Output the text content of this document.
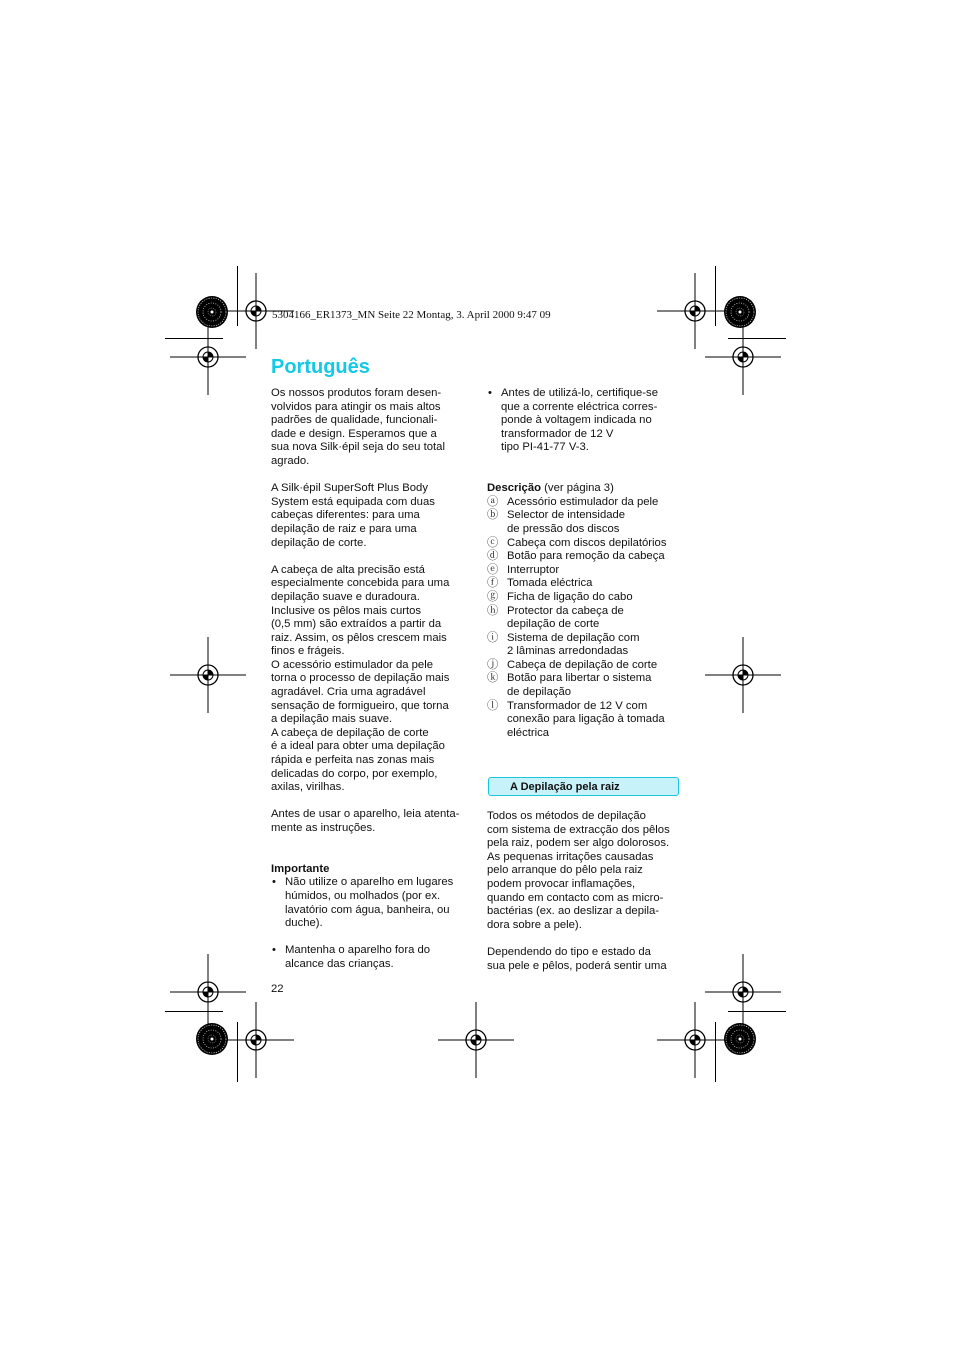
5304166_ER1373_MN Seite 22 Montag, 3. April 2000 9:47 09
Português

Os nossos produtos foram desen-

volvidos para atingir os mais altos

padrões de qualidade, funcionali-

dade e design. Esperamos que a

sua nova Silk·épil seja do seu total

agrado.

A Silk·épil SuperSoft Plus Body

System está equipada com duas

cabeças diferentes: para uma

depilação de raiz e para uma

depilação de corte.

A cabeça de alta precisão está

especialmente concebida para uma

depilação suave e duradoura.

Inclusive os pêlos mais curtos

(0,5 mm) são extraídos a partir da

raiz. Assim, os pêlos crescem mais

finos e frágeis.

O acessório estimulador da pele

torna o processo de depilação mais

agradável. Cria uma agradável

sensação de formigueiro, que torna

a depilação mais suave.

A cabeça de depilação de corte

é a ideal para obter uma depilação

rápida e perfeita nas zonas mais

delicadas do corpo, por exemplo,

axilas, virilhas.

Antes de usar o aparelho, leia atenta-

mente as instruções.

Importante

• Não utilize o aparelho em lugares

húmidos, ou molhados (por ex.

lavatório com água, banheira, ou

duche).

• Mantenha o aparelho fora do

alcance das crianças.

• Antes de utilizá-lo, certifique-se

que a corrente eléctrica corres-

ponde à voltagem indicada no

transformador de 12 V

tipo PI-41-77 V-3.

Descrição (ver página 3)

ⓐ Acessório estimulador da pele

ⓑ Selector de intensidade

de pressão dos discos

ⓒ Cabeça com discos depilatórios

ⓓ Botão para remoção da cabeça

ⓔ Interruptor

ⓕ Tomada eléctrica

ⓖ Ficha de ligação do cabo

ⓗ Protector da cabeça de

depilação de corte

ⓘ Sistema de depilação com

2 lâminas arredondadas

ⓙ Cabeça de depilação de corte

ⓚ Botão para libertar o sistema

de depilação

ⓛ Transformador de 12 V com

conexão para ligação à tomada

eléctrica

A Depilação pela raiz

Todos os métodos de depilação

com sistema de extracção dos pêlos

pela raiz, podem ser algo dolorosos.

As pequenas irritações causadas

pelo arranque do pêlo pela raiz

podem provocar inflamações,

quando em contacto com as micro-

bactérias (ex. ao deslizar a depila-

dora sobre a pele).

Dependendo do tipo e estado da

sua pele e pêlos, poderá sentir uma

22
